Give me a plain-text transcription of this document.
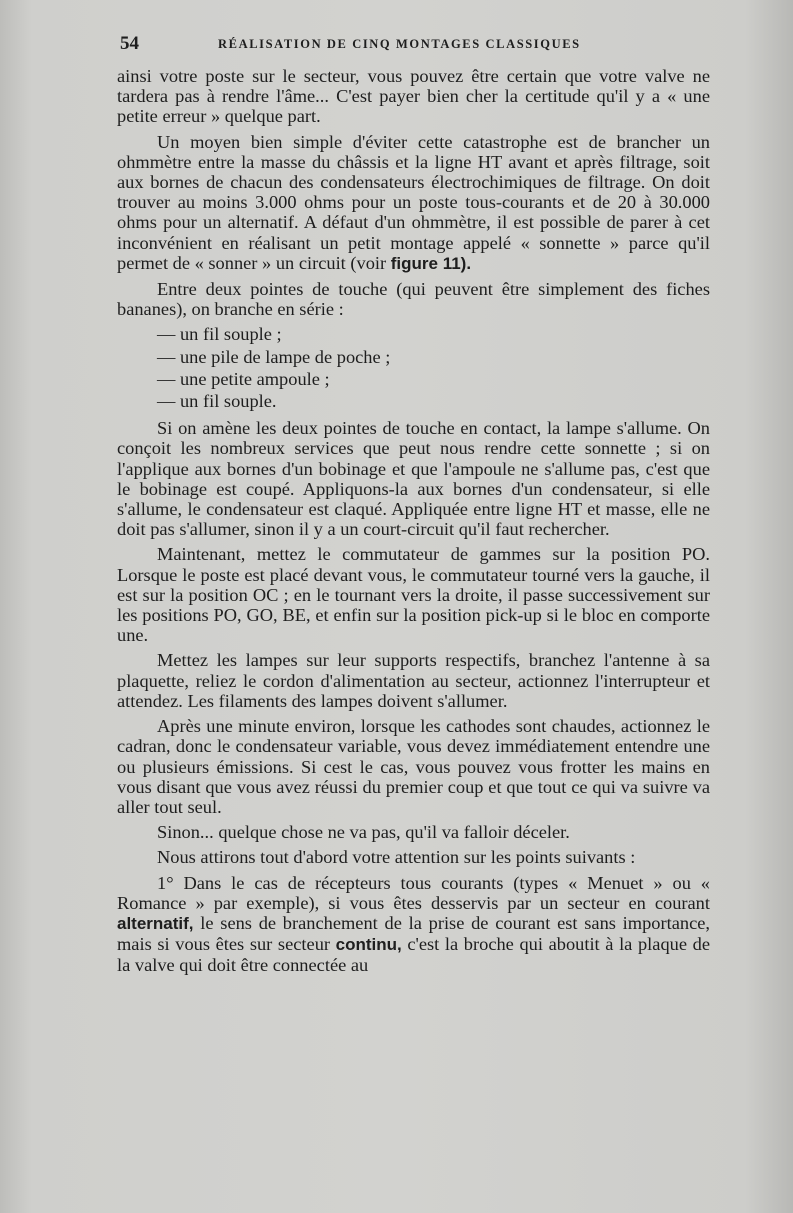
54	RÉALISATION DE CINQ MONTAGES CLASSIQUES

ainsi votre poste sur le secteur, vous pouvez être certain que votre valve ne tardera pas à rendre l'âme... C'est payer bien cher la certitude qu'il y a « une petite erreur » quelque part.

Un moyen bien simple d'éviter cette catastrophe est de brancher un ohmmètre entre la masse du châssis et la ligne HT avant et après filtrage, soit aux bornes de chacun des condensateurs électrochimiques de filtrage. On doit trouver au moins 3.000 ohms pour un poste tous-courants et de 20 à 30.000 ohms pour un alternatif. A défaut d'un ohmmètre, il est possible de parer à cet inconvénient en réalisant un petit montage appelé « sonnette » parce qu'il permet de « sonner » un circuit (voir figure 11).

Entre deux pointes de touche (qui peuvent être simplement des fiches bananes), on branche en série :

— un fil souple ;

— une pile de lampe de poche ;

— une petite ampoule ;

— un fil souple.

Si on amène les deux pointes de touche en contact, la lampe s'allume. On conçoit les nombreux services que peut nous rendre cette sonnette ; si on l'applique aux bornes d'un bobinage et que l'ampoule ne s'allume pas, c'est que le bobinage est coupé. Appliquons-la aux bornes d'un condensateur, si elle s'allume, le condensateur est claqué. Appliquée entre ligne HT et masse, elle ne doit pas s'allumer, sinon il y a un court-circuit qu'il faut rechercher.

Maintenant, mettez le commutateur de gammes sur la position PO. Lorsque le poste est placé devant vous, le commutateur tourné vers la gauche, il est sur la position OC ; en le tournant vers la droite, il passe successivement sur les positions PO, GO, BE, et enfin sur la position pick-up si le bloc en comporte une.

Mettez les lampes sur leur supports respectifs, branchez l'antenne à sa plaquette, reliez le cordon d'alimentation au secteur, actionnez l'interrupteur et attendez. Les filaments des lampes doivent s'allumer.

Après une minute environ, lorsque les cathodes sont chaudes, actionnez le cadran, donc le condensateur variable, vous devez immédiatement entendre une ou plusieurs émissions. Si cest le cas, vous pouvez vous frotter les mains en vous disant que vous avez réussi du premier coup et que tout ce qui va suivre va aller tout seul.

Sinon... quelque chose ne va pas, qu'il va falloir déceler.

Nous attirons tout d'abord votre attention sur les points suivants :

1° Dans le cas de récepteurs tous courants (types « Menuet » ou « Romance » par exemple), si vous êtes desservis par un secteur en courant alternatif, le sens de branchement de la prise de courant est sans importance, mais si vous êtes sur secteur continu, c'est la broche qui aboutit à la plaque de la valve qui doit être connectée au
